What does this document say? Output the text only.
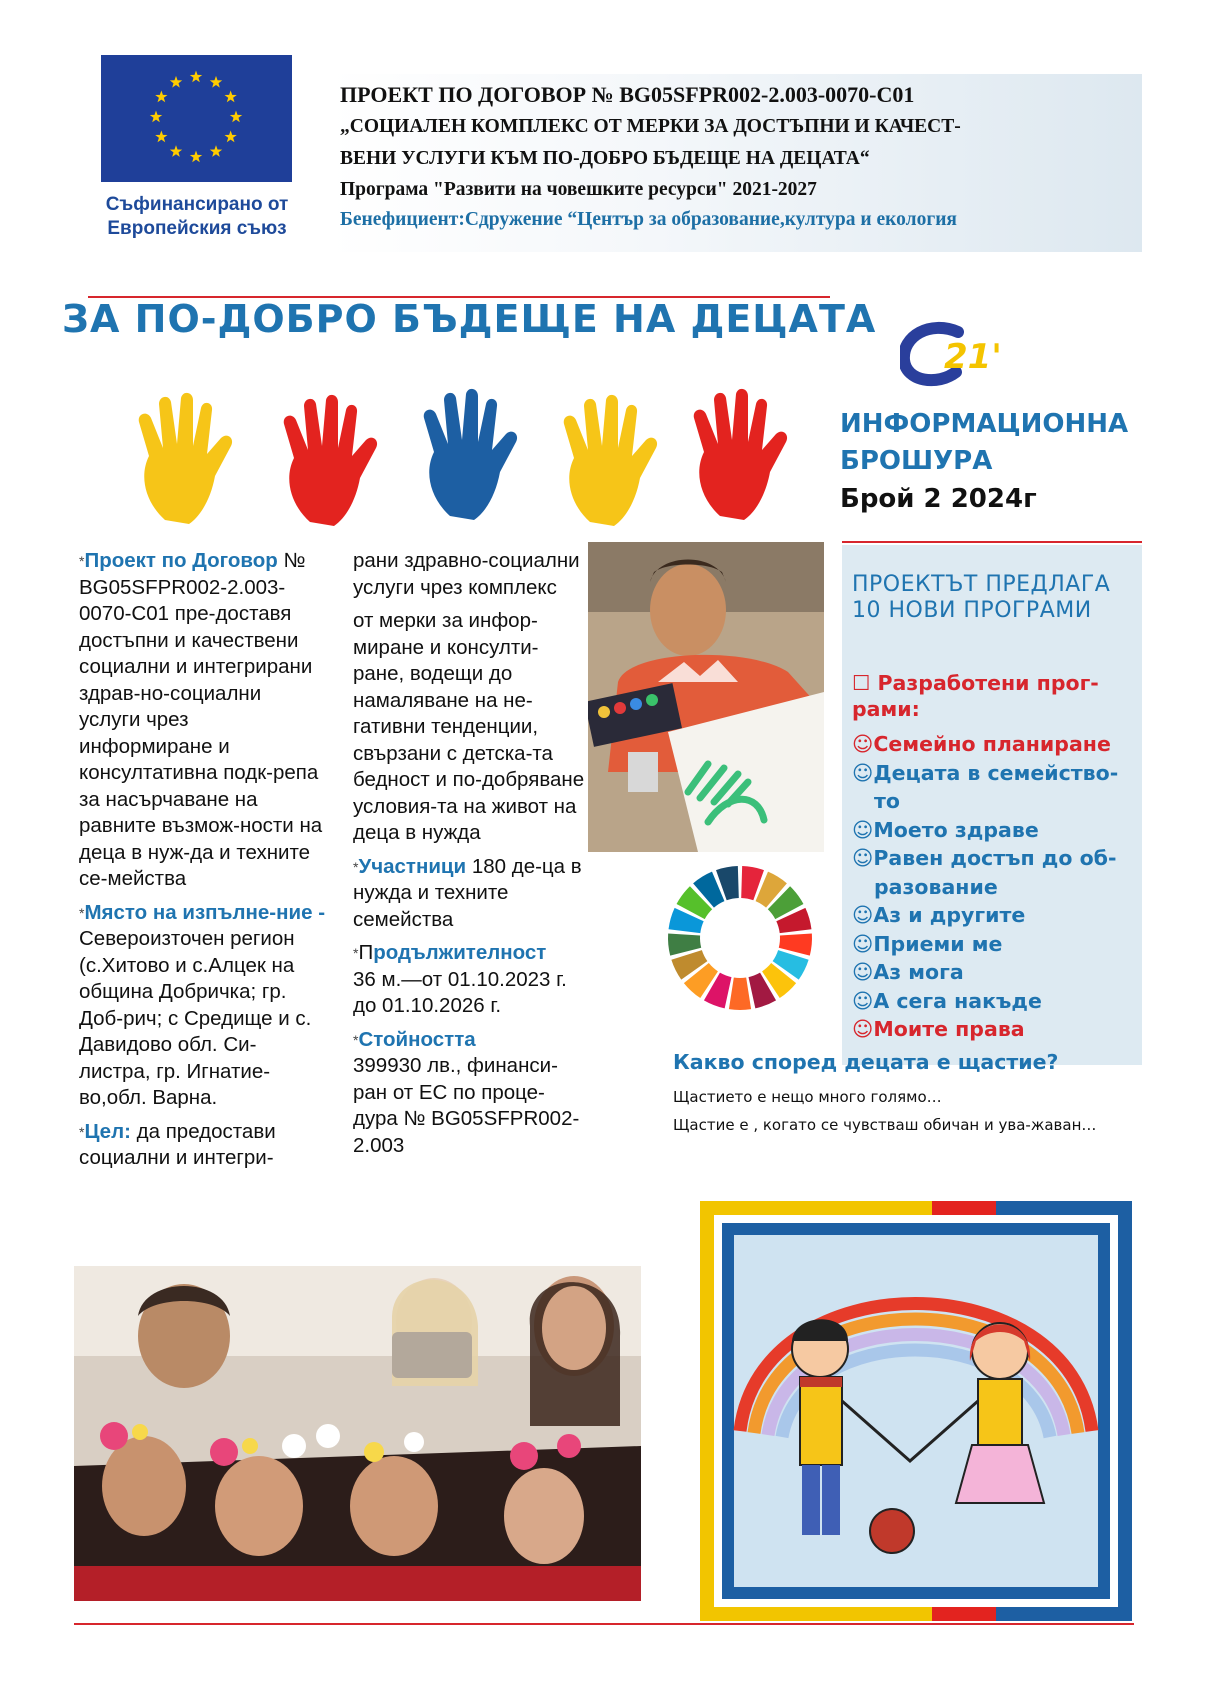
Съфинансирано от
Европейския съюз
ПРОЕКТ ПО ДОГОВОР № BG05SFPR002-2.003-0070-C01
„СОЦИАЛЕН КОМПЛЕКС ОТ МЕРКИ ЗА ДОСТЪПНИ И КАЧЕСТ-
ВЕНИ УСЛУГИ КЪМ ПО-ДОБРО БЪДЕЩЕ НА ДЕЦАТА“
Програма "Развити на човешките ресурси" 2021-2027
Бенефициент:Сдружение “Център за образование,култура и екология
ЗА ПО-ДОБРО БЪДЕЩЕ НА ДЕЦАТА
21'
ИНФОРМАЦИОННА
БРОШУРА
Брой 2 2024г

*Проект по Договор № BG05SFPR002-2.003-0070-C01 пре-доставя достъпни и качествени социални и интегрирани здрав-но-социални услуги чрез информиране и консултативна подк-репа за насърчаване на равните възмож-ности на деца в нуж-да и техните се-мейства

*Място на изпълне-ние - Североизточен регион (с.Хитово и с.Алцек на община Добричка; гр. Доб-рич; с Средище и с. Давидово обл. Си-листра, гр. Игнатие-во,обл. Варна.

*Цел: да предостави социални и интегри-

рани здравно-социални услуги чрез комплекс

от мерки за инфор-миране и консулти-ране, водещи до намаляване на не-гативни тенденции, свързани с детска-та бедност и по-добряване условия-та на живот на деца в нужда

*Участници 180 де-ца в нужда и техните семейства

*Продължителност
36 м.—от 01.10.2023 г. до 01.10.2026 г.

*Стойността
399930 лв., финанси-ран от ЕС по проце-дура № BG05SFPR002-2.003

ПРОЕКТЪТ ПРЕДЛАГА
10 НОВИ ПРОГРАМИ
☐ Разработени прог-рами:
☺Семейно планиране
☺Децата в семейство-то
☺Моето здраве
☺Равен достъп до об-разование
☺Аз и другите
☺Приеми ме
☺Аз мога
☺А сега накъде
☺Моите права
Какво според децата е щастие?
Щастието е нещо много голямо…
Щастие е , когато се чувстваш обичан и ува-жаван…
